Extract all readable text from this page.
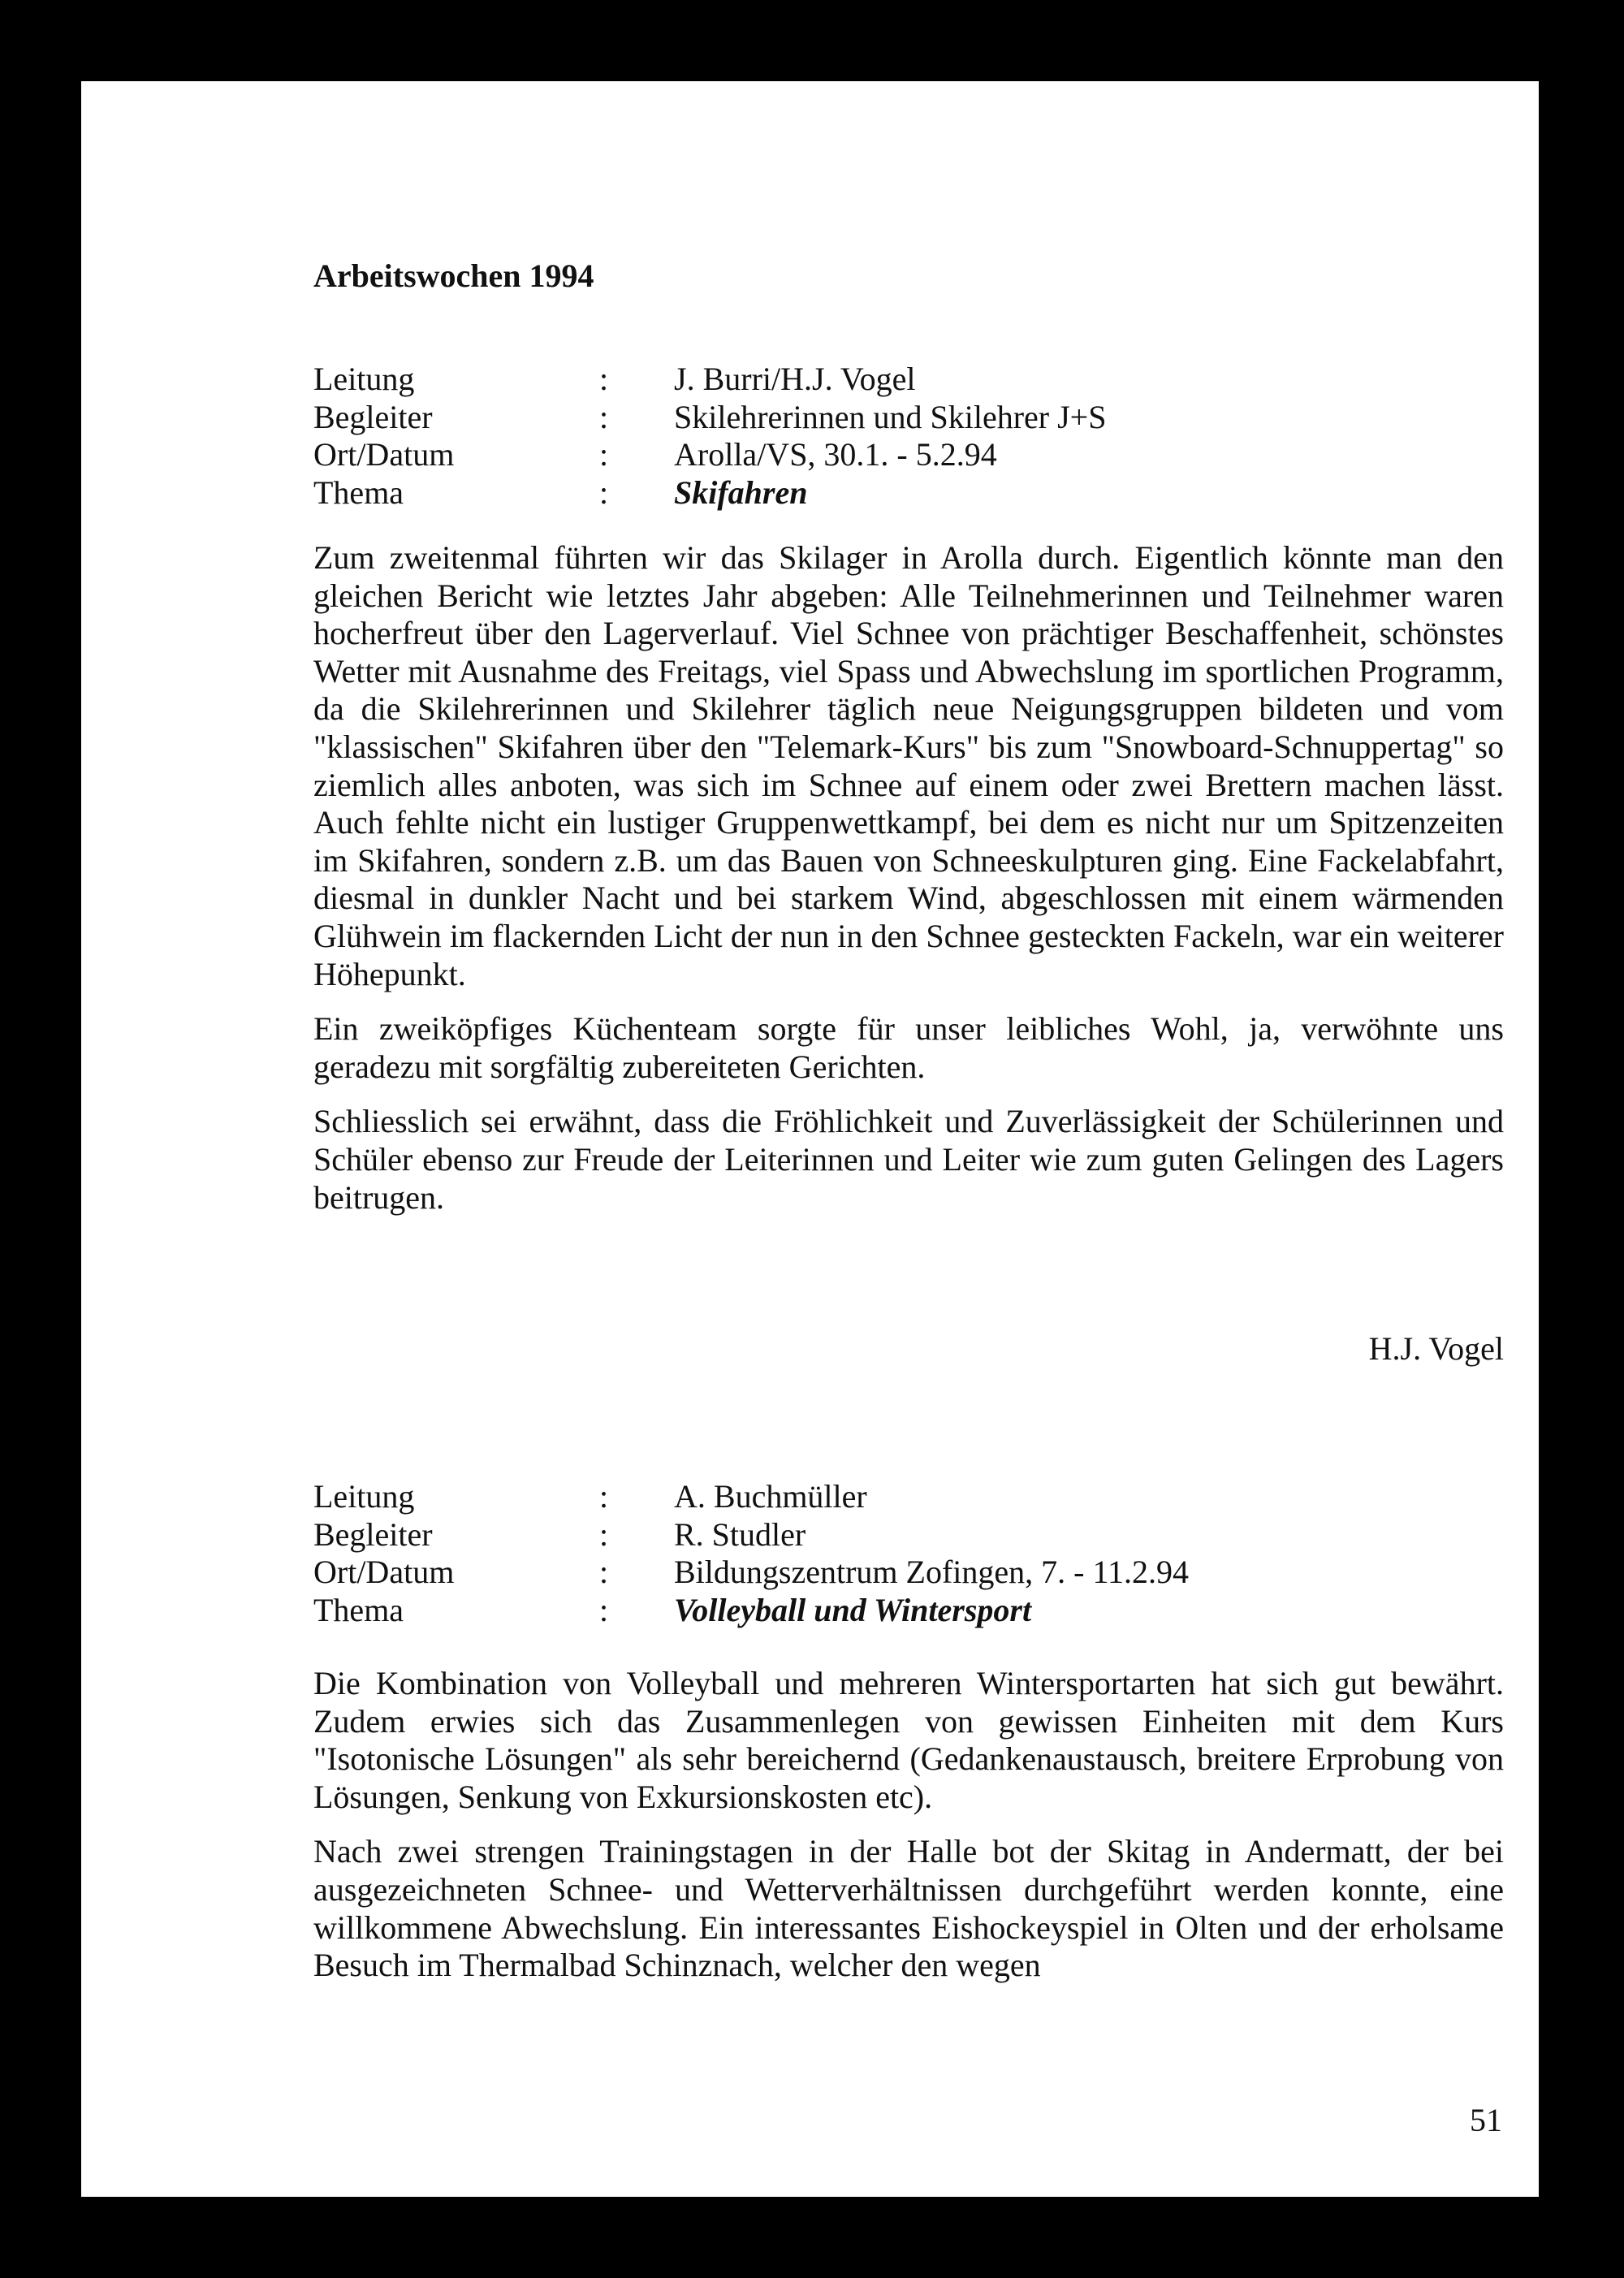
Arbeitswochen 1994
Leitung	:	J. Burri/H.J. Vogel
Begleiter	:	Skilehrerinnen und Skilehrer J+S
Ort/Datum	:	Arolla/VS, 30.1. - 5.2.94
Thema	:	Skifahren

Zum zweitenmal führten wir das Skilager in Arolla durch. Eigentlich könnte man den gleichen Bericht wie letztes Jahr abgeben: Alle Teilnehmerinnen und Teilnehmer waren hocherfreut über den Lagerverlauf. Viel Schnee von prächtiger Beschaffenheit, schönstes Wetter mit Ausnahme des Freitags, viel Spass und Abwechslung im sportlichen Programm, da die Skilehrerinnen und Skilehrer täglich neue Neigungsgruppen bildeten und vom "klassischen" Skifahren über den "Telemark-Kurs" bis zum "Snowboard-Schnuppertag" so ziemlich alles anboten, was sich im Schnee auf einem oder zwei Brettern machen lässt. Auch fehlte nicht ein lustiger Gruppenwettkampf, bei dem es nicht nur um Spitzenzeiten im Skifahren, sondern z.B. um das Bauen von Schneeskulpturen ging. Eine Fackelabfahrt, diesmal in dunkler Nacht und bei starkem Wind, abgeschlossen mit einem wärmenden Glühwein im flackernden Licht der nun in den Schnee gesteckten Fackeln, war ein weiterer Höhepunkt.

Ein zweiköpfiges Küchenteam sorgte für unser leibliches Wohl, ja, verwöhnte uns geradezu mit sorgfältig zubereiteten Gerichten.

Schliesslich sei erwähnt, dass die Fröhlichkeit und Zuverlässigkeit der Schülerinnen und Schüler ebenso zur Freude der Leiterinnen und Leiter wie zum guten Gelingen des Lagers beitrugen.

H.J. Vogel
Leitung	:	A. Buchmüller
Begleiter	:	R. Studler
Ort/Datum	:	Bildungszentrum Zofingen, 7. - 11.2.94
Thema	:	Volleyball und Wintersport

Die Kombination von Volleyball und mehreren Wintersportarten hat sich gut bewährt. Zudem erwies sich das Zusammenlegen von gewissen Einheiten mit dem Kurs "Isotonische Lösungen" als sehr bereichernd (Gedankenaustausch, breitere Erprobung von Lösungen, Senkung von Exkursionskosten etc).

Nach zwei strengen Trainingstagen in der Halle bot der Skitag in Andermatt, der bei ausgezeichneten Schnee- und Wetterverhältnissen durchgeführt werden konnte, eine willkommene Abwechslung. Ein interessantes Eishockeyspiel in Olten und der erholsame Besuch im Thermalbad Schinznach, welcher den wegen

51
